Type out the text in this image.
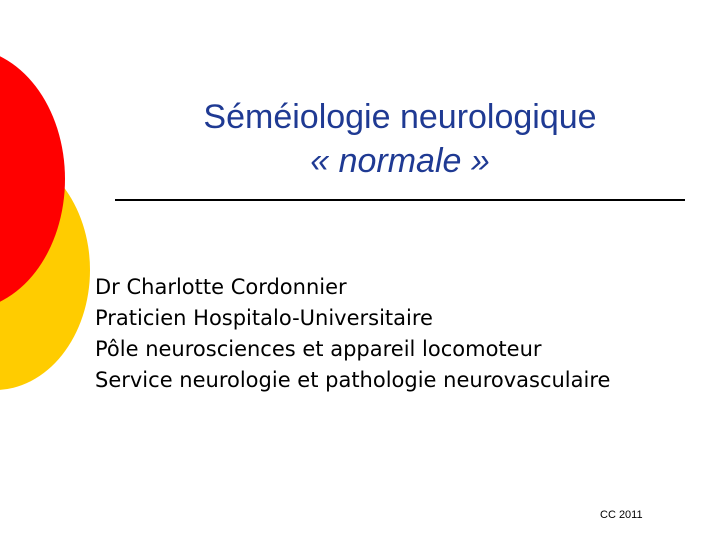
Séméiologie neurologique
« normale »
Dr Charlotte Cordonnier
Praticien Hospitalo-Universitaire
Pôle neurosciences et appareil locomoteur
Service neurologie et pathologie neurovasculaire
CC 2011
